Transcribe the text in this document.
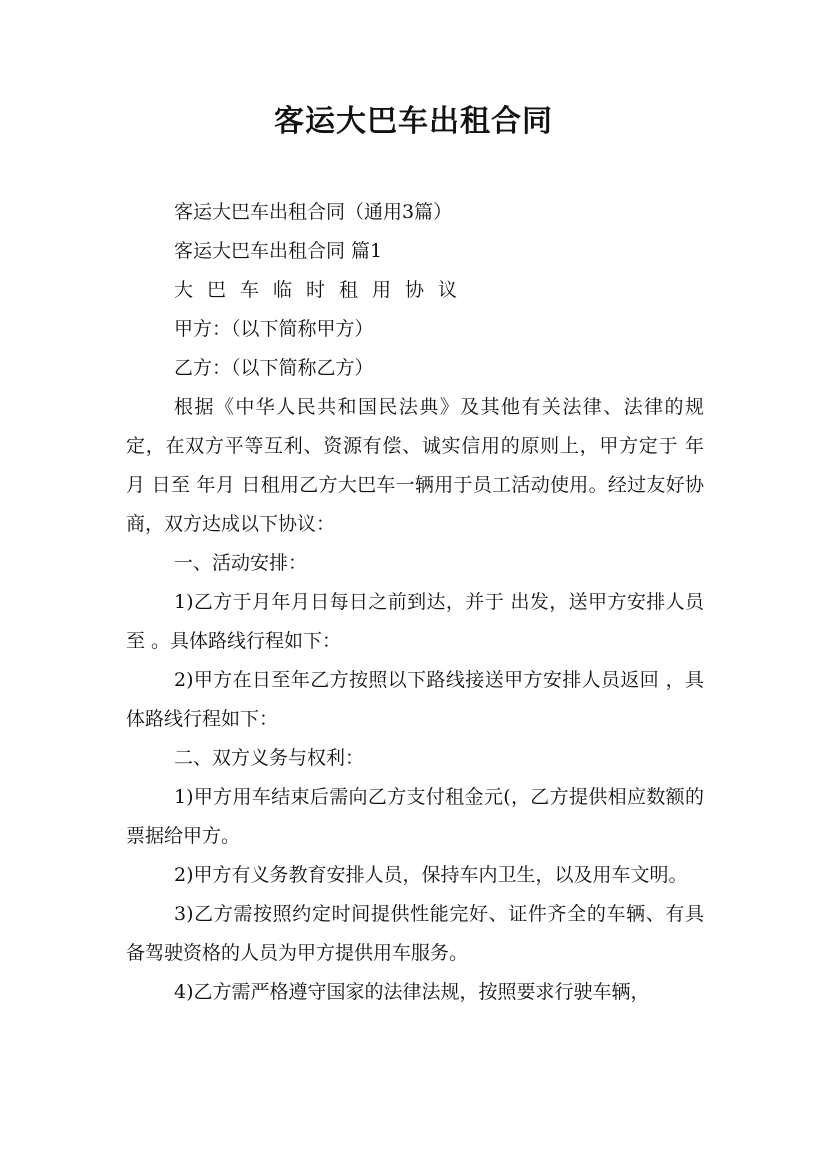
客运大巴车出租合同

客运大巴车出租合同（通用3篇）

客运大巴车出租合同 篇1

大巴车临时租用协议

甲方：（以下简称甲方）

乙方：（以下简称乙方）

根据《中华人民共和国民法典》及其他有关法律、法律的规定，在双方平等互利、资源有偿、诚实信用的原则上，甲方定于 年 月 日至 年月 日租用乙方大巴车一辆用于员工活动使用。经过友好协商，双方达成以下协议：

一、活动安排：

1)乙方于月年月日每日之前到达，并于 出发，送甲方安排人员至 。具体路线行程如下：

2)甲方在日至年乙方按照以下路线接送甲方安排人员返回 ，具体路线行程如下：

二、双方义务与权利：

1)甲方用车结束后需向乙方支付租金元(，乙方提供相应数额的票据给甲方。

2)甲方有义务教育安排人员，保持车内卫生，以及用车文明。

3)乙方需按照约定时间提供性能完好、证件齐全的车辆、有具备驾驶资格的人员为甲方提供用车服务。

4)乙方需严格遵守国家的法律法规，按照要求行驶车辆，
